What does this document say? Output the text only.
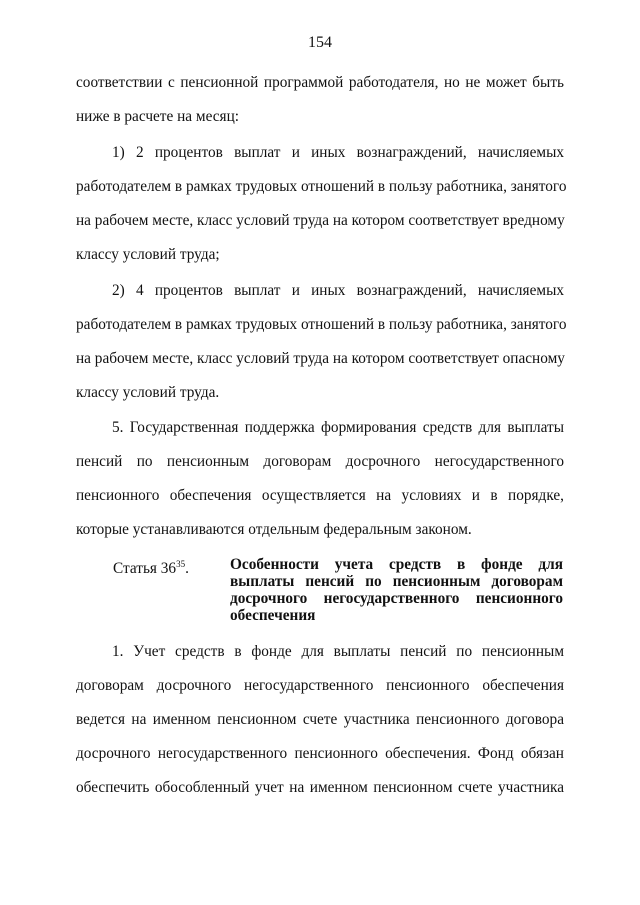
154
соответствии с пенсионной программой работодателя, но не может быть
ниже в расчете на месяц:
1) 2 процентов выплат и иных вознаграждений, начисляемых
работодателем в рамках трудовых отношений в пользу работника, занятого
на рабочем месте, класс условий труда на котором соответствует вредному
классу условий труда;
2) 4 процентов выплат и иных вознаграждений, начисляемых
работодателем в рамках трудовых отношений в пользу работника, занятого
на рабочем месте, класс условий труда на котором соответствует опасному
классу условий труда.
5. Государственная поддержка формирования средств для выплаты
пенсий по пенсионным договорам досрочного негосударственного
пенсионного обеспечения осуществляется на условиях и в порядке,
которые устанавливаются отдельным федеральным законом.
Статья $36^{35}$.	Особенности учета средств в фонде для
выплаты пенсий по пенсионным договорам
досрочного негосударственного пенсионного
обеспечения
1. Учет средств в фонде для выплаты пенсий по пенсионным
договорам досрочного негосударственного пенсионного обеспечения
ведется на именном пенсионном счете участника пенсионного договора
досрочного негосударственного пенсионного обеспечения. Фонд обязан
обеспечить обособленный учет на именном пенсионном счете участника
